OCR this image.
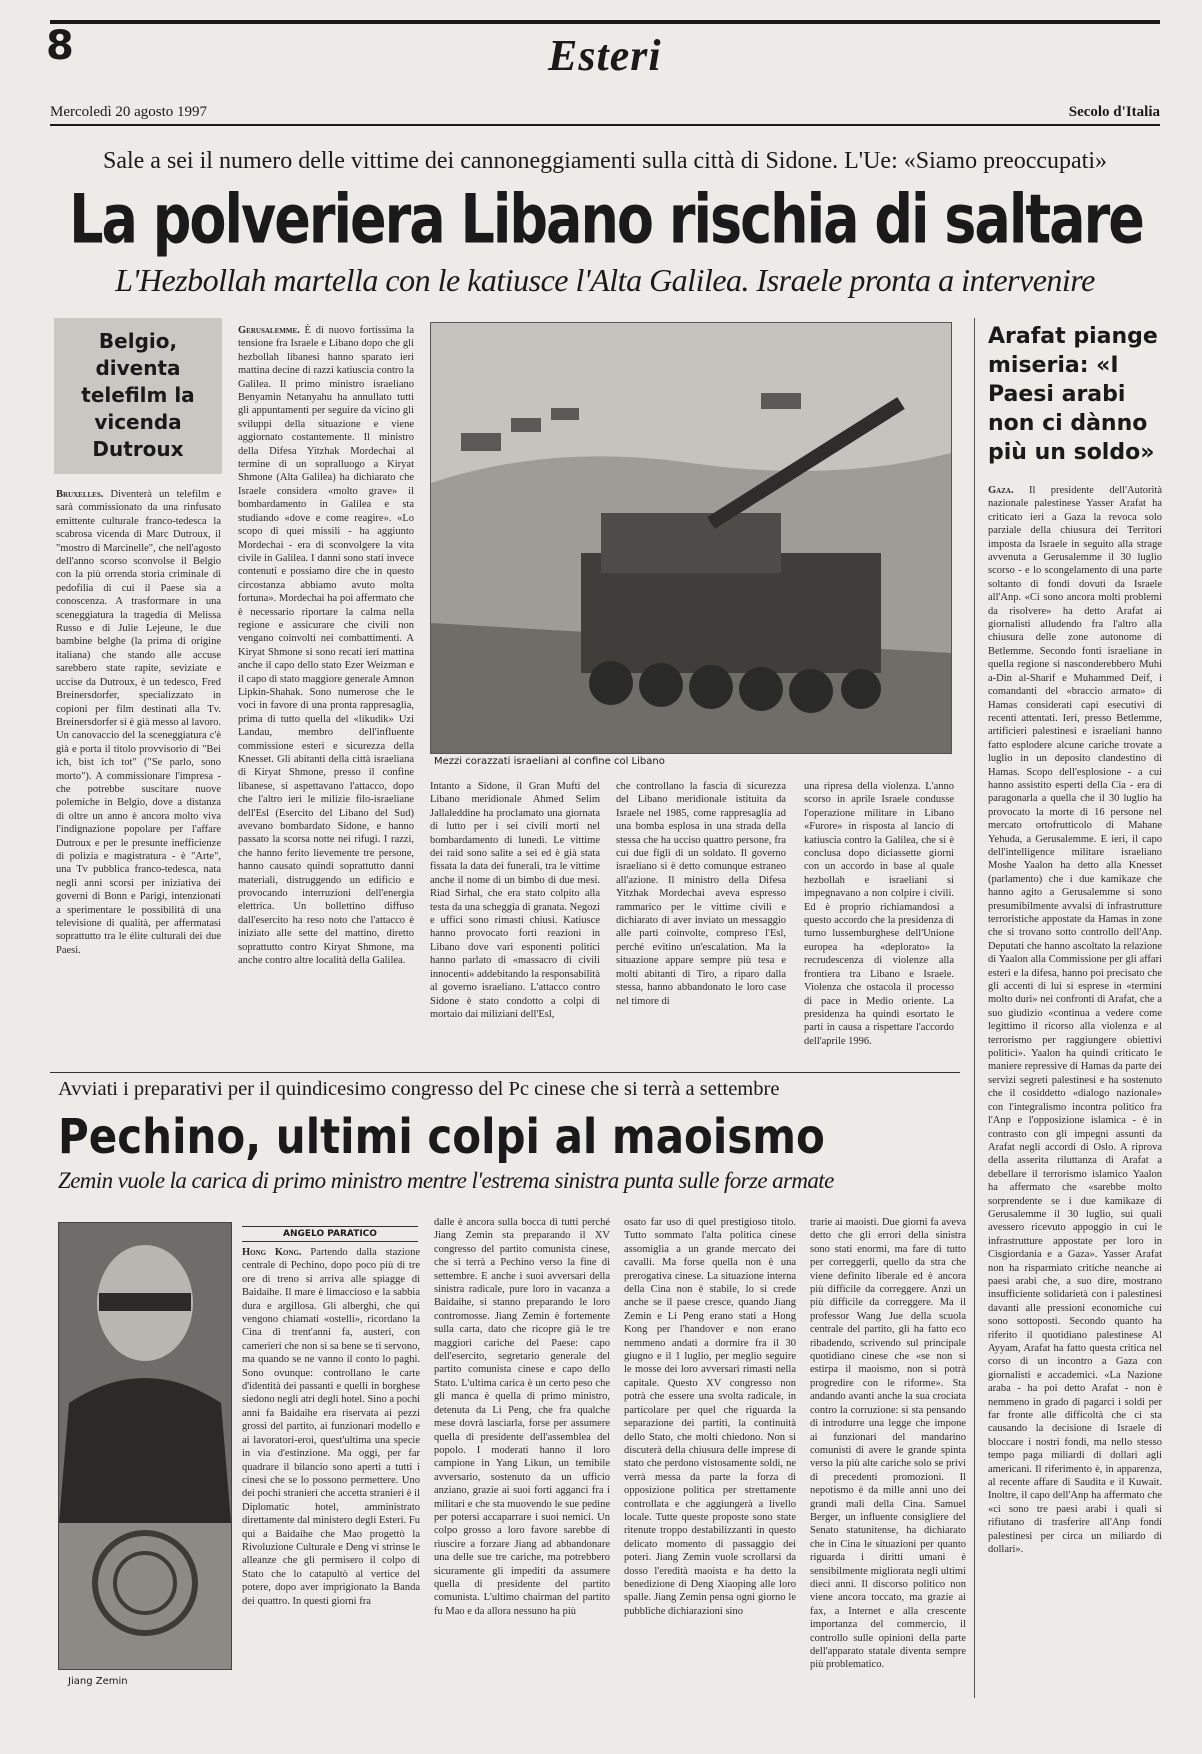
8	Esteri
Mercoledì 20 agosto 1997	Secolo d'Italia
Sale a sei il numero delle vittime dei cannoneggiamenti sulla città di Sidone. L'Ue: «Siamo preoccupati»
La polveriera Libano rischia di saltare
L'Hezbollah martella con le katiusce l'Alta Galilea. Israele pronta a intervenire
Belgio, diventa telefilm la vicenda Dutroux
Bruxelles. Diventerà un telefilm e sarà commissionato da una rinfusato emittente culturale franco-tedesca la scabrosa vicenda di Marc Dutroux, il "mostro di Marcinelle", che nell'agosto dell'anno scorso sconvolse il Belgio con la più orrenda storia criminale di pedofilia di cui il Paese sia a conoscenza. A trasformare in una sceneggiatura la tragedia di Melissa Russo e di Julie Lejeune, le due bambine belghe (la prima di origine italiana) che stando alle accuse sarebbero state rapite, seviziate e uccise da Dutroux, è un tedesco, Fred Breinersdorfer, specializzato in copioni per film destinati alla Tv. Breinersdorfer si è già messo al lavoro. Un canovaccio del la sceneggiatura c'è già e porta il titolo provvisorio di "Bei ich, bist ich tot" ("Se parlo, sono morto"). A commissionare l'impresa - che potrebbe suscitare nuove polemiche in Belgio, dove a distanza di oltre un anno è ancora molto viva l'indignazione popolare per l'affare Dutroux e per le presunte inefficienze di polizia e magistratura - è "Arte", una Tv pubblica franco-tedesca, nata negli anni scorsi per iniziativa dei governi di Bonn e Parigi, intenzionati a sperimentare le possibilità di una televisione di qualità, per affermatasi soprattutto tra le élite culturali dei due Paesi.
Gerusalemme. È di nuovo fortissima la tensione fra Israele e Libano dopo che gli hezbollah libanesi hanno sparato ieri mattina decine di razzi katiuscia contro la Galilea. Il primo ministro israeliano Benyamin Netanyahu ha annullato tutti gli appuntamenti per seguire da vicino gli sviluppi della situazione e viene aggiornato costantemente. Il ministro della Difesa Yitzhak Mordechai al termine di un sopralluogo a Kiryat Shmone (Alta Galilea) ha dichiarato che Israele considera «molto grave» il bombardamento in Galilea e sta studiando «dove e come reagire». «Lo scopo di quei missili - ha aggiunto Mordechai - era di sconvolgere la vita civile in Galilea. I danni sono stati invece contenuti e possiamo dire che in questo circostanza abbiamo avuto molta fortuna». Mordechai ha poi affermato che è necessario riportare la calma nella regione e assicurare che civili non vengano coinvolti nei combattimenti. A Kiryat Shmone si sono recati ieri mattina anche il capo dello stato Ezer Weizman e il capo di stato maggiore generale Amnon Lipkin-Shahak. Sono numerose che le voci in favore di una pronta rappresaglia, prima di tutto quella del «likudik» Uzi Landau, membro dell'influente commissione esteri e sicurezza della Knesset. Gli abitanti della città israeliana di Kiryat Shmone, presso il confine libanese, si aspettavano l'attacco, dopo che l'altro ieri le milizie filo-israeliane dell'Esl (Esercito del Libano del Sud) avevano bombardato Sidone, e hanno passato la scorsa notte nei rifugi. I razzi, che hanno ferito lievemente tre persone, hanno causato quindi soprattutto danni materiali, distruggendo un edificio e provocando interruzioni dell'energia elettrica. Un bollettino diffuso dall'esercito ha reso noto che l'attacco è iniziato alle sette del mattino, diretto soprattutto contro Kiryat Shmone, ma anche contro altre località della Galilea.
Mezzi corazzati israeliani al confine col Libano
Intanto a Sidone, il Gran Mufti del Libano meridionale Ahmed Selim Jallaleddine ha proclamato una giornata di lutto per i sei civili morti nel bombardamento di lunedì. Le vittime dei raid sono salite a sei ed è già stata fissata la data dei funerali, tra le vittime anche il nome di un bimbo di due mesi. Riad Sirhal, che era stato colpito alla testa da una scheggia di granata. Negozi e uffici sono rimasti chiusi. Katiusce hanno provocato forti reazioni in Libano dove vari esponenti politici hanno parlato di «massacro di civili innocenti» addebitando la responsabilità al governo israeliano. L'attacco contro Sidone è stato condotto a colpi di mortaio dai miliziani dell'Esl,
che controllano la fascia di sicurezza del Libano meridionale istituita da Israele nel 1985, come rappresaglia ad una bomba esplosa in una strada della stessa che ha ucciso quattro persone, fra cui due figli di un soldato. Il governo israeliano si è detto comunque estraneo all'azione. Il ministro della Difesa Yitzhak Mordechai aveva espresso rammarico per le vittime civili e dichiarato di aver inviato un messaggio alle parti coinvolte, compreso l'Esl, perché evitino un'escalation. Ma la situazione appare sempre più tesa e molti abitanti di Tiro, a riparo dalla stessa, hanno abbandonato le loro case nel timore di
una ripresa della violenza. L'anno scorso in aprile Israele condusse l'operazione militare in Libano «Furore» in risposta al lancio di katiuscia contro la Galilea, che si è conclusa dopo diciassette giorni con un accordo in base al quale hezbollah e israeliani si impegnavano a non colpire i civili. Ed è proprio richiamandosi a questo accordo che la presidenza di turno lussemburghese dell'Unione europea ha «deplorato» la recrudescenza di violenze alla frontiera tra Libano e Israele. Violenza che ostacola il processo di pace in Medio oriente. La presidenza ha quindi esortato le parti in causa a rispettare l'accordo dell'aprile 1996.
Arafat piange miseria: «I Paesi arabi non ci dànno più un soldo»
Gaza. Il presidente dell'Autorità nazionale palestinese Yasser Arafat ha criticato ieri a Gaza la revoca solo parziale della chiusura dei Territori imposta da Israele in seguito alla strage avvenuta a Gerusalemme il 30 luglio scorso - e lo scongelamento di una parte soltanto di fondi dovuti da Israele all'Anp. «Ci sono ancora molti problemi da risolvere» ha detto Arafat ai giornalisti alludendo fra l'altro alla chiusura delle zone autonome di Betlemme. Secondo fonti israeliane in quella regione si nasconderebbero Muhi a-Din al-Sharif e Muhammed Deif, i comandanti del «braccio armato» di Hamas considerati capi esecutivi di recenti attentati. Ieri, presso Betlemme, artificieri palestinesi e israeliani hanno fatto esplodere alcune cariche trovate a luglio in un deposito clandestino di Hamas. Scopo dell'esplosione - a cui hanno assistito esperti della Cia - era di paragonarla a quella che il 30 luglio ha provocato la morte di 16 persone nel mercato ortofrutticolo di Mahane Yehuda, a Gerusalemme. E ieri, il capo dell'intelligence militare israeliano Moshe Yaalon ha detto alla Knesset (parlamento) che i due kamikaze che hanno agito a Gerusalemme si sono presumibilmente avvalsi di infrastrutture terroristiche appostate da Hamas in zone che si trovano sotto controllo dell'Anp. Deputati che hanno ascoltato la relazione di Yaalon alla Commissione per gli affari esteri e la difesa, hanno poi precisato che gli accenti di lui si esprese in «termini molto duri» nei confronti di Arafat, che a suo giudizio «continua a vedere come legittimo il ricorso alla violenza e al terrorismo per raggiungere obiettivi politici». Yaalon ha quindi criticato le maniere repressive di Hamas da parte dei servizi segreti palestinesi e ha sostenuto che il cosiddetto «dialogo nazionale» con l'integralismo incontra politico fra l'Anp e l'opposizione islamica - è in contrasto con gli impegni assunti da Arafat negli accordi di Oslo. A riprova della asserita riluttanza di Arafat a debellare il terrorismo islamico Yaalon ha affermato che «sarebbe molto sorprendente se i due kamikaze di Gerusalemme il 30 luglio, sui quali avessero ricevuto appoggio in cui le infrastrutture appostate per loro in Cisgiordania e a Gaza». Yasser Arafat non ha risparmiato critiche neanche ai paesi arabi che, a suo dire, mostrano insufficiente solidarietà con i palestinesi davanti alle pressioni economiche cui sono sottoposti. Secondo quanto ha riferito il quotidiano palestinese Al Ayyam, Arafat ha fatto questa critica nel corso di un incontro a Gaza con giornalisti e accademici. «La Nazione araba - ha poi detto Arafat - non è nemmeno in grado di pagarci i soldi per far fronte alle difficoltà che ci sta causando la decisione di Israele di bloccare i nostri fondi, ma nello stesso tempo paga miliardi di dollari agli americani. Il riferimento è, in apparenza, al recente affare di Saudita e il Kuwait. Inoltre, il capo dell'Anp ha affermato che «ci sono tre paesi arabi i quali si rifiutano di trasferire all'Anp fondi palestinesi per circa un miliardo di dollari».
Avviati i preparativi per il quindicesimo congresso del Pc cinese che si terrà a settembre
Pechino, ultimi colpi al maoismo
Zemin vuole la carica di primo ministro mentre l'estrema sinistra punta sulle forze armate
Jiang Zemin
ANGELO PARATICO
Hong Kong. Partendo dalla stazione centrale di Pechino, dopo poco più di tre ore di treno si arriva alle spiagge di Baidaihe. Il mare è limaccioso e la sabbia dura e argillosa. Gli alberghi, che qui vengono chiamati «ostelli», ricordano la Cina di trent'anni fa, austeri, con camerieri che non si sa bene se ti servono, ma quando se ne vanno il conto lo paghi. Sono ovunque: controllano le carte d'identità dei passanti e quelli in borghese siedono negli atri degli hotel. Sino a pochi anni fa Baidaihe era riservata ai pezzi grossi del partito, ai funzionari modello e ai lavoratori-eroi, quest'ultima una specie in via d'estinzione. Ma oggi, per far quadrare il bilancio sono aperti a tutti i cinesi che se lo possono permettere. Uno dei pochi stranieri che accetta stranieri è il Diplomatic hotel, amministrato direttamente dal ministero degli Esteri. Fu qui a Baidaihe che Mao progettò la Rivoluzione Culturale e Deng vi strinse le alleanze che gli permisero il colpo di Stato che lo catapultò al vertice del potere, dopo aver imprigionato la Banda dei quattro. In questi giorni fra
dalle è ancora sulla bocca di tutti perché Jiang Zemin sta preparando il XV congresso del partito comunista cinese, che si terrà a Pechino verso la fine di settembre. E anche i suoi avversari della sinistra radicale, pure loro in vacanza a Baidaihe, si stanno preparando le loro contromosse. Jiang Zemin è fortemente sulla carta, dato che ricopre già le tre maggiori cariche del Paese: capo dell'esercito, segretario generale del partito comunista cinese e capo dello Stato. L'ultima carica è un certo peso che gli manca è quella di primo ministro, detenuta da Li Peng, che fra qualche mese dovrà lasciarla, forse per assumere quella di presidente dell'assemblea del popolo. I moderati hanno il loro campione in Yang Likun, un temibile avversario, sostenuto da un ufficio anziano, grazie ai suoi forti agganci fra i militari e che sta muovendo le sue pedine per potersi accaparrare i suoi nemici. Un colpo grosso a loro favore sarebbe di riuscire a forzare Jiang ad abbandonare una delle sue tre cariche, ma potrebbero sicuramente gli impediti da assumere quella di presidente del partito comunista. L'ultimo chairman del partito fu Mao e da allora nessuno ha più
osato far uso di quel prestigioso titolo. Tutto sommato l'alta politica cinese assomiglia a un grande mercato dei cavalli. Ma forse quella non è una prerogativa cinese. La situazione interna della Cina non è stabile, lo si crede anche se il paese cresce, quando Jiang Zemin e Li Peng erano stati a Hong Kong per l'handover e non erano nemmeno andati a dormire fra il 30 giugno e il 1 luglio, per meglio seguire le mosse dei loro avversari rimasti nella capitale. Questo XV congresso non potrà che essere una svolta radicale, in particolare per quel che riguarda la separazione dei partiti, la continuità dello Stato, che molti chiedono. Non si discuterà della chiusura delle imprese di stato che perdono vistosamente soldi, ne verrà messa da parte la forza di opposizione politica per strettamente controllata e che aggiungerà a livello locale. Tutte queste proposte sono state ritenute troppo destabilizzanti in questo delicato momento di passaggio dei poteri. Jiang Zemin vuole scrollarsi da dosso l'eredità maoista e ha detto la benedizione di Deng Xiaoping alle loro spalle. Jiang Zemin pensa ogni giorno le pubbliche dichiarazioni sino
trarie ai maoisti. Due giorni fa aveva detto che gli errori della sinistra sono stati enormi, ma fare di tutto per correggerli, quello da stra che viene definito liberale ed è ancora più difficile da correggere. Anzi un più difficile da correggere. Ma il professor Wang Jue della scuola centrale del partito, gli ha fatto eco ribadendo, scrivendo sul principale quotidiano cinese che «se non si estirpa il maoismo, non si potrà progredire con le riforme». Sta andando avanti anche la sua crociata contro la corruzione: si sta pensando di introdurre una legge che impone ai funzionari del mandarino comunisti di avere le grande spinta verso la più alte cariche solo se privi di precedenti promozioni. Il nepotismo è da mille anni uno dei grandi mali della Cina. Samuel Berger, un influente consigliere del Senato statunitense, ha dichiarato che in Cina le situazioni per quanto riguarda i diritti umani è sensibilmente migliorata negli ultimi dieci anni. Il discorso politico non viene ancora toccato, ma grazie ai fax, a Internet e alla crescente importanza del commercio, il controllo sulle opinioni della parte dell'apparato statale diventa sempre più problematico.
